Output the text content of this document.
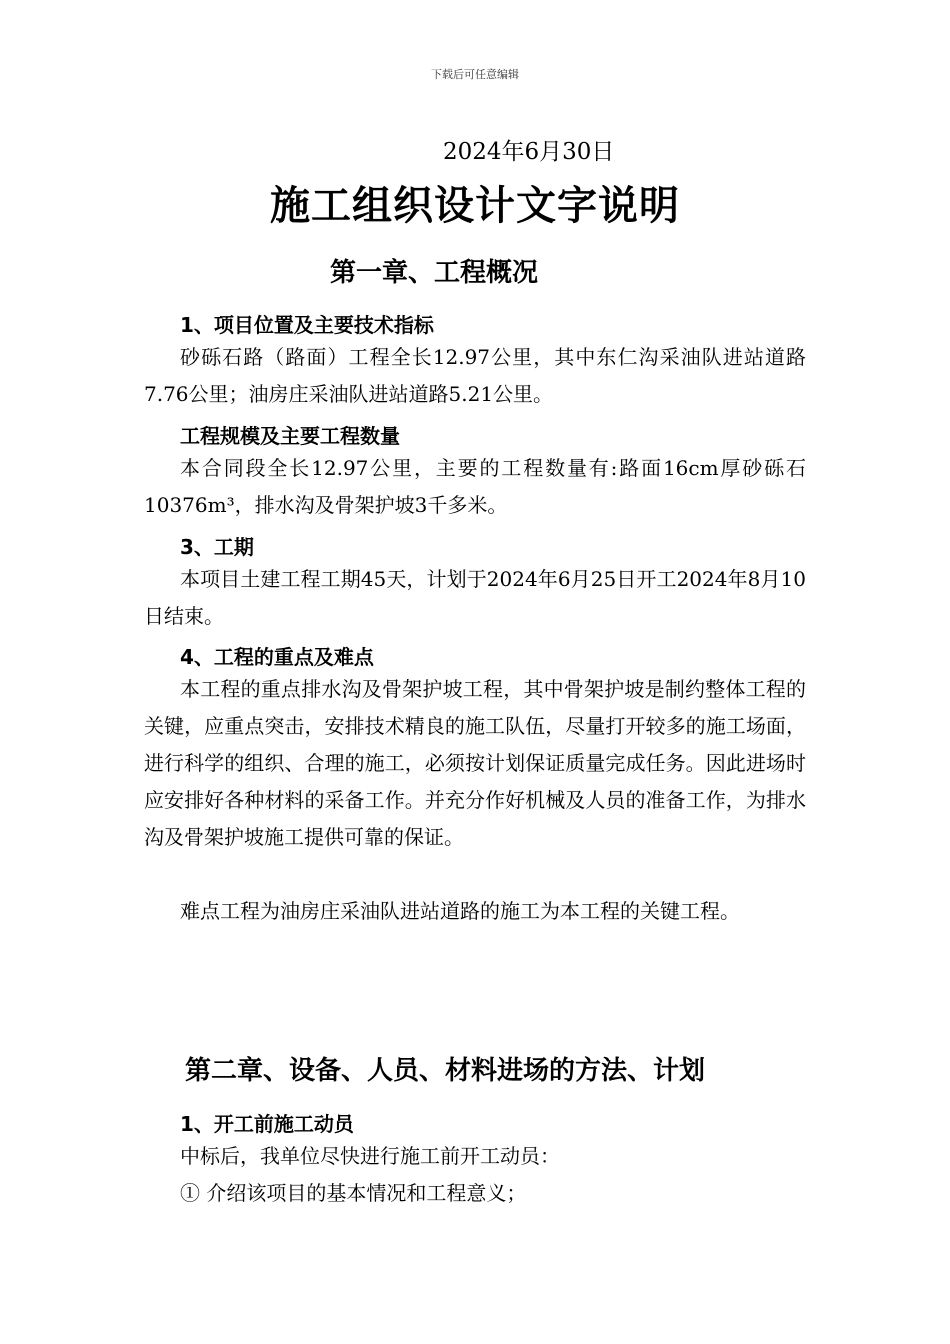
下载后可任意编辑
2024年6月30日
施工组织设计文字说明
第一章、工程概况
1、项目位置及主要技术指标
砂砾石路（路面）工程全长12.97公里，其中东仁沟采油队进站道路7.76公里；油房庄采油队进站道路5.21公里。
工程规模及主要工程数量
本合同段全长12.97公里，主要的工程数量有:路面16cm厚砂砾石 10376m³，排水沟及骨架护坡3千多米。
3、工期
本项目土建工程工期45天，计划于2024年6月25日开工2024年8月10日结束。
4、工程的重点及难点
本工程的重点排水沟及骨架护坡工程，其中骨架护坡是制约整体工程的关键，应重点突击，安排技术精良的施工队伍，尽量打开较多的施工场面，进行科学的组织、合理的施工，必须按计划保证质量完成任务。因此进场时应安排好各种材料的采备工作。并充分作好机械及人员的准备工作，为排水沟及骨架护坡施工提供可靠的保证。
难点工程为油房庄采油队进站道路的施工为本工程的关键工程。
第二章、设备、人员、材料进场的方法、计划
1、开工前施工动员
中标后，我单位尽快进行施工前开工动员：
① 介绍该项目的基本情况和工程意义；
